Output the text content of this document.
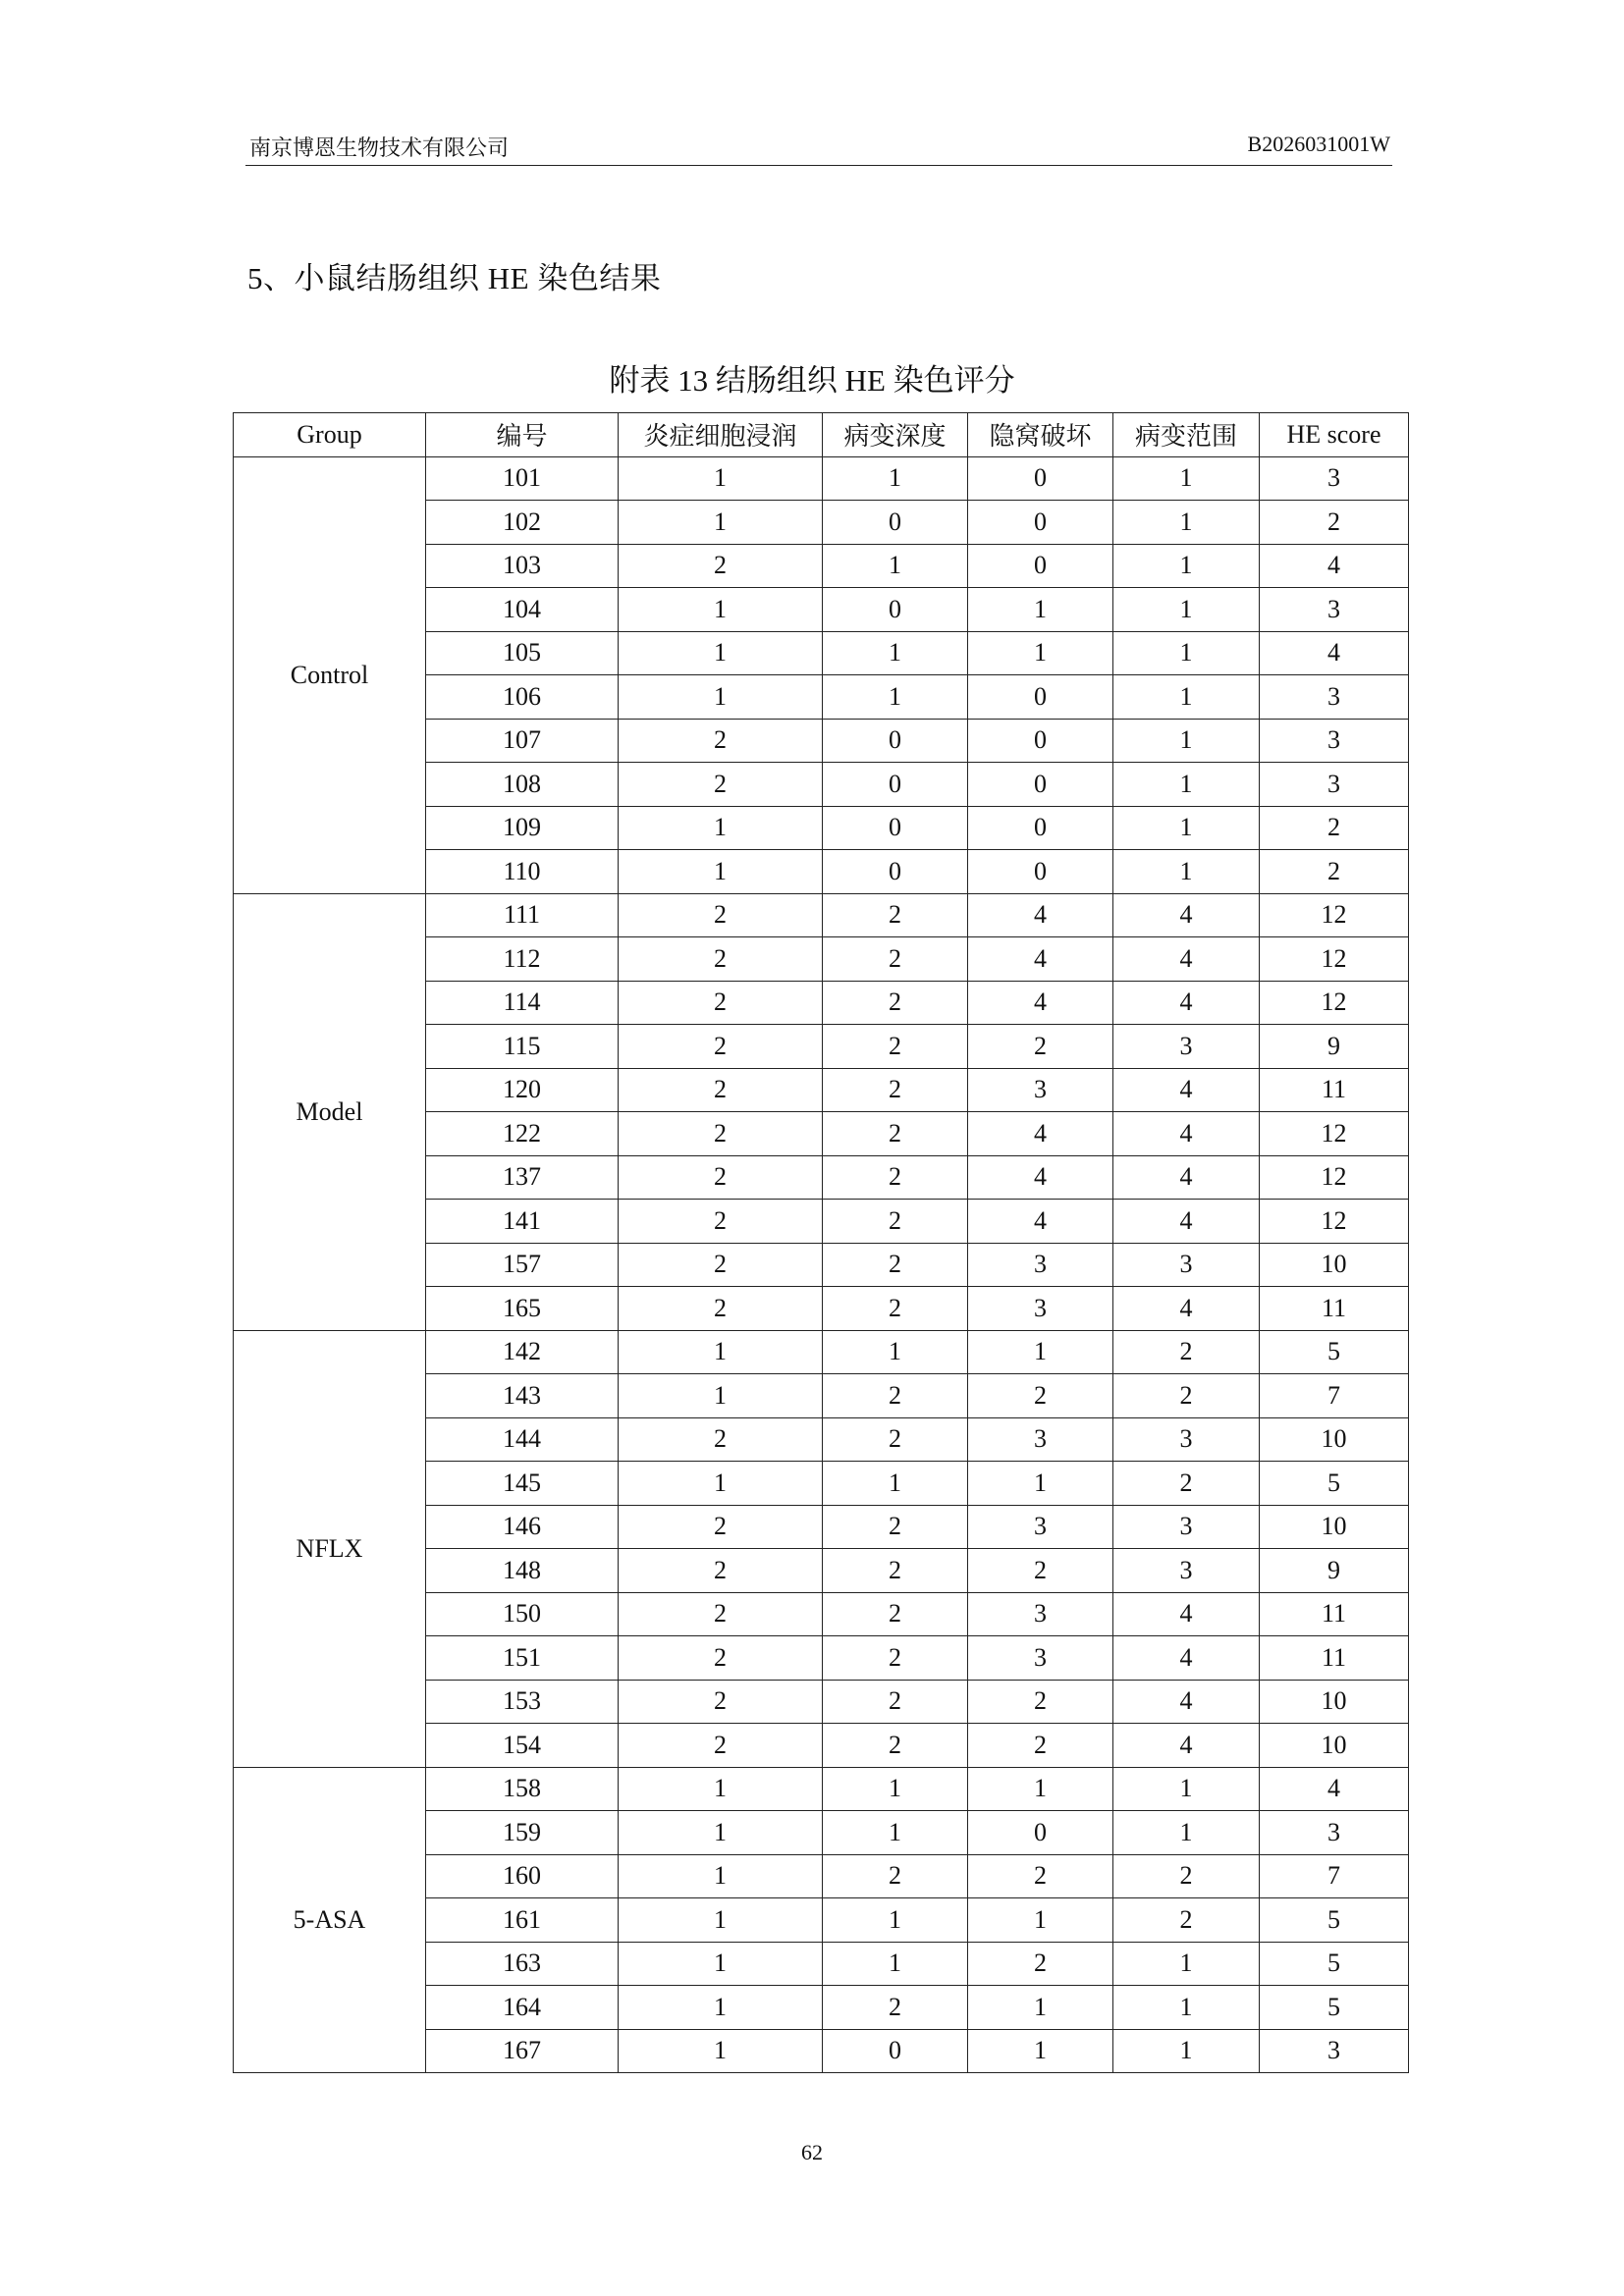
南京博恩生物技术有限公司	B2026031001W
5、小鼠结肠组织 HE 染色结果
附表 13 结肠组织 HE 染色评分
Group	编号	炎症细胞浸润	病变深度	隐窝破坏	病变范围	HE score
Control	101	1	1	0	1	3
	102	1	0	0	1	2
	103	2	1	0	1	4
	104	1	0	1	1	3
	105	1	1	1	1	4
	106	1	1	0	1	3
	107	2	0	0	1	3
	108	2	0	0	1	3
	109	1	0	0	1	2
	110	1	0	0	1	2
Model	111	2	2	4	4	12
	112	2	2	4	4	12
	114	2	2	4	4	12
	115	2	2	2	3	9
	120	2	2	3	4	11
	122	2	2	4	4	12
	137	2	2	4	4	12
	141	2	2	4	4	12
	157	2	2	3	3	10
	165	2	2	3	4	11
NFLX	142	1	1	1	2	5
	143	1	2	2	2	7
	144	2	2	3	3	10
	145	1	1	1	2	5
	146	2	2	3	3	10
	148	2	2	2	3	9
	150	2	2	3	4	11
	151	2	2	3	4	11
	153	2	2	2	4	10
	154	2	2	2	4	10
5-ASA	158	1	1	1	1	4
	159	1	1	0	1	3
	160	1	2	2	2	7
	161	1	1	1	2	5
	163	1	1	2	1	5
	164	1	2	1	1	5
	167	1	0	1	1	3
62
